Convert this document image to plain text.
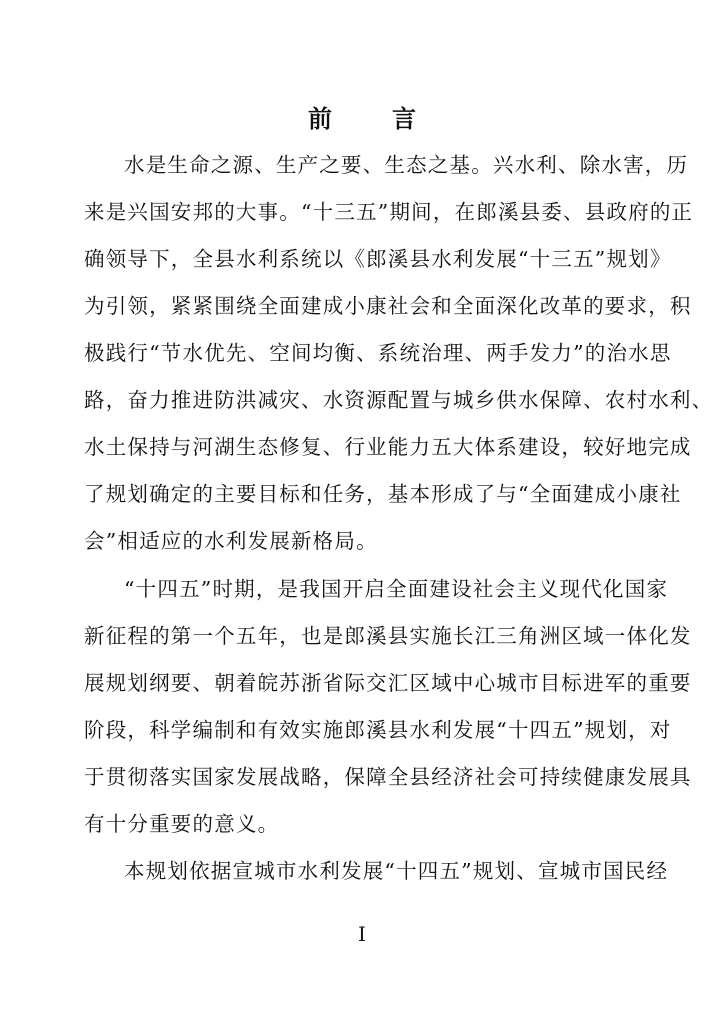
前言
水是生命之源、生产之要、生态之基。兴水利、除水害，历
来是兴国安邦的大事。“十三五”期间，在郎溪县委、县政府的正
确领导下，全县水利系统以《郎溪县水利发展“十三五”规划》
为引领，紧紧围绕全面建成小康社会和全面深化改革的要求，积
极践行“节水优先、空间均衡、系统治理、两手发力”的治水思
路，奋力推进防洪减灾、水资源配置与城乡供水保障、农村水利、
水土保持与河湖生态修复、行业能力五大体系建设，较好地完成
了规划确定的主要目标和任务，基本形成了与“全面建成小康社
会”相适应的水利发展新格局。
“十四五”时期，是我国开启全面建设社会主义现代化国家
新征程的第一个五年，也是郎溪县实施长江三角洲区域一体化发
展规划纲要、朝着皖苏浙省际交汇区域中心城市目标进军的重要
阶段，科学编制和有效实施郎溪县水利发展“十四五”规划，对
于贯彻落实国家发展战略，保障全县经济社会可持续健康发展具
有十分重要的意义。
本规划依据宣城市水利发展“十四五”规划、宣城市国民经
I
